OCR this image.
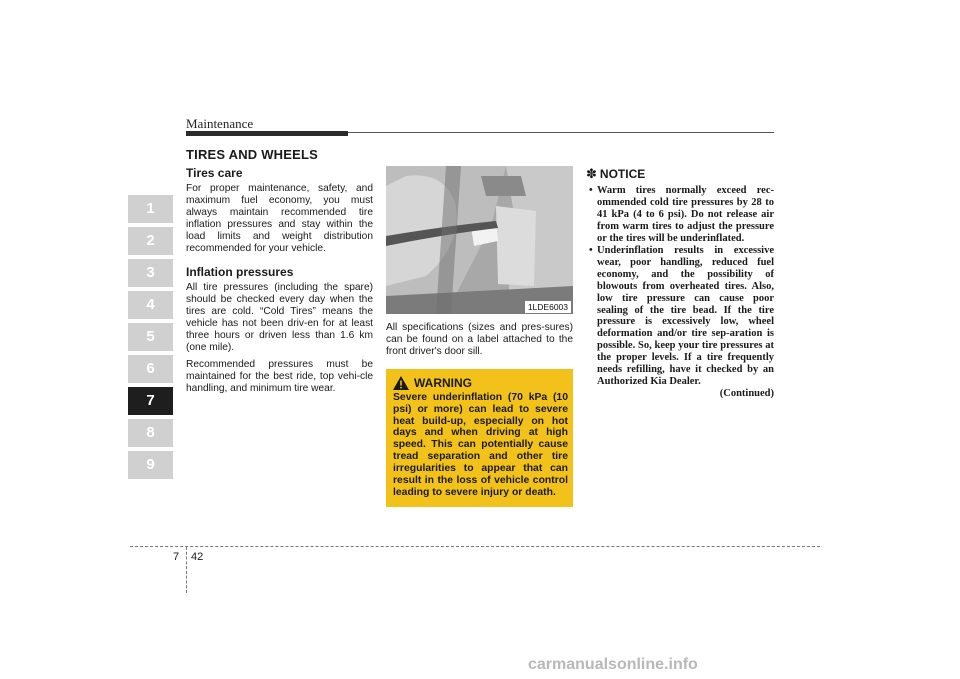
Maintenance
TIRES AND WHEELS
1
2
3
4
5
6
7
8
9
Tires care

For proper maintenance, safety, and maximum fuel economy, you must always maintain recommended tire inflation pressures and stay within the load limits and weight distribution recommended for your vehicle.

Inflation pressures

All tire pressures (including the spare) should be checked every day when the tires are cold. “Cold Tires” means the vehicle has not been driv-en for at least three hours or driven less than 1.6 km (one mile).

Recommended pressures must be maintained for the best ride, top vehi-cle handling, and minimum tire wear.

1LDE6003

All specifications (sizes and pres-sures) can be found on a label attached to the front driver's door sill.

WARNING

Severe underinflation (70 kPa (10 psi) or more) can lead to severe heat build-up, especially on hot days and when driving at high speed. This can potentially cause tread separation and other tire irregularities to appear that can result in the loss of vehicle control leading to severe injury or death.

✽ NOTICE
• Warm tires normally exceed rec-ommended cold tire pressures by 28 to 41 kPa (4 to 6 psi). Do not release air from warm tires to adjust the pressure or the tires will be underinflated.
• Underinflation results in excessive wear, poor handling, reduced fuel economy, and the possibility of blowouts from overheated tires. Also, low tire pressure can cause poor sealing of the tire bead. If the tire pressure is excessively low, wheel deformation and/or tire sep-aration is possible. So, keep your tire pressures at the proper levels. If a tire frequently needs refilling, have it checked by an Authorized Kia Dealer.
(Continued)
7 42
carmanualsonline.info
